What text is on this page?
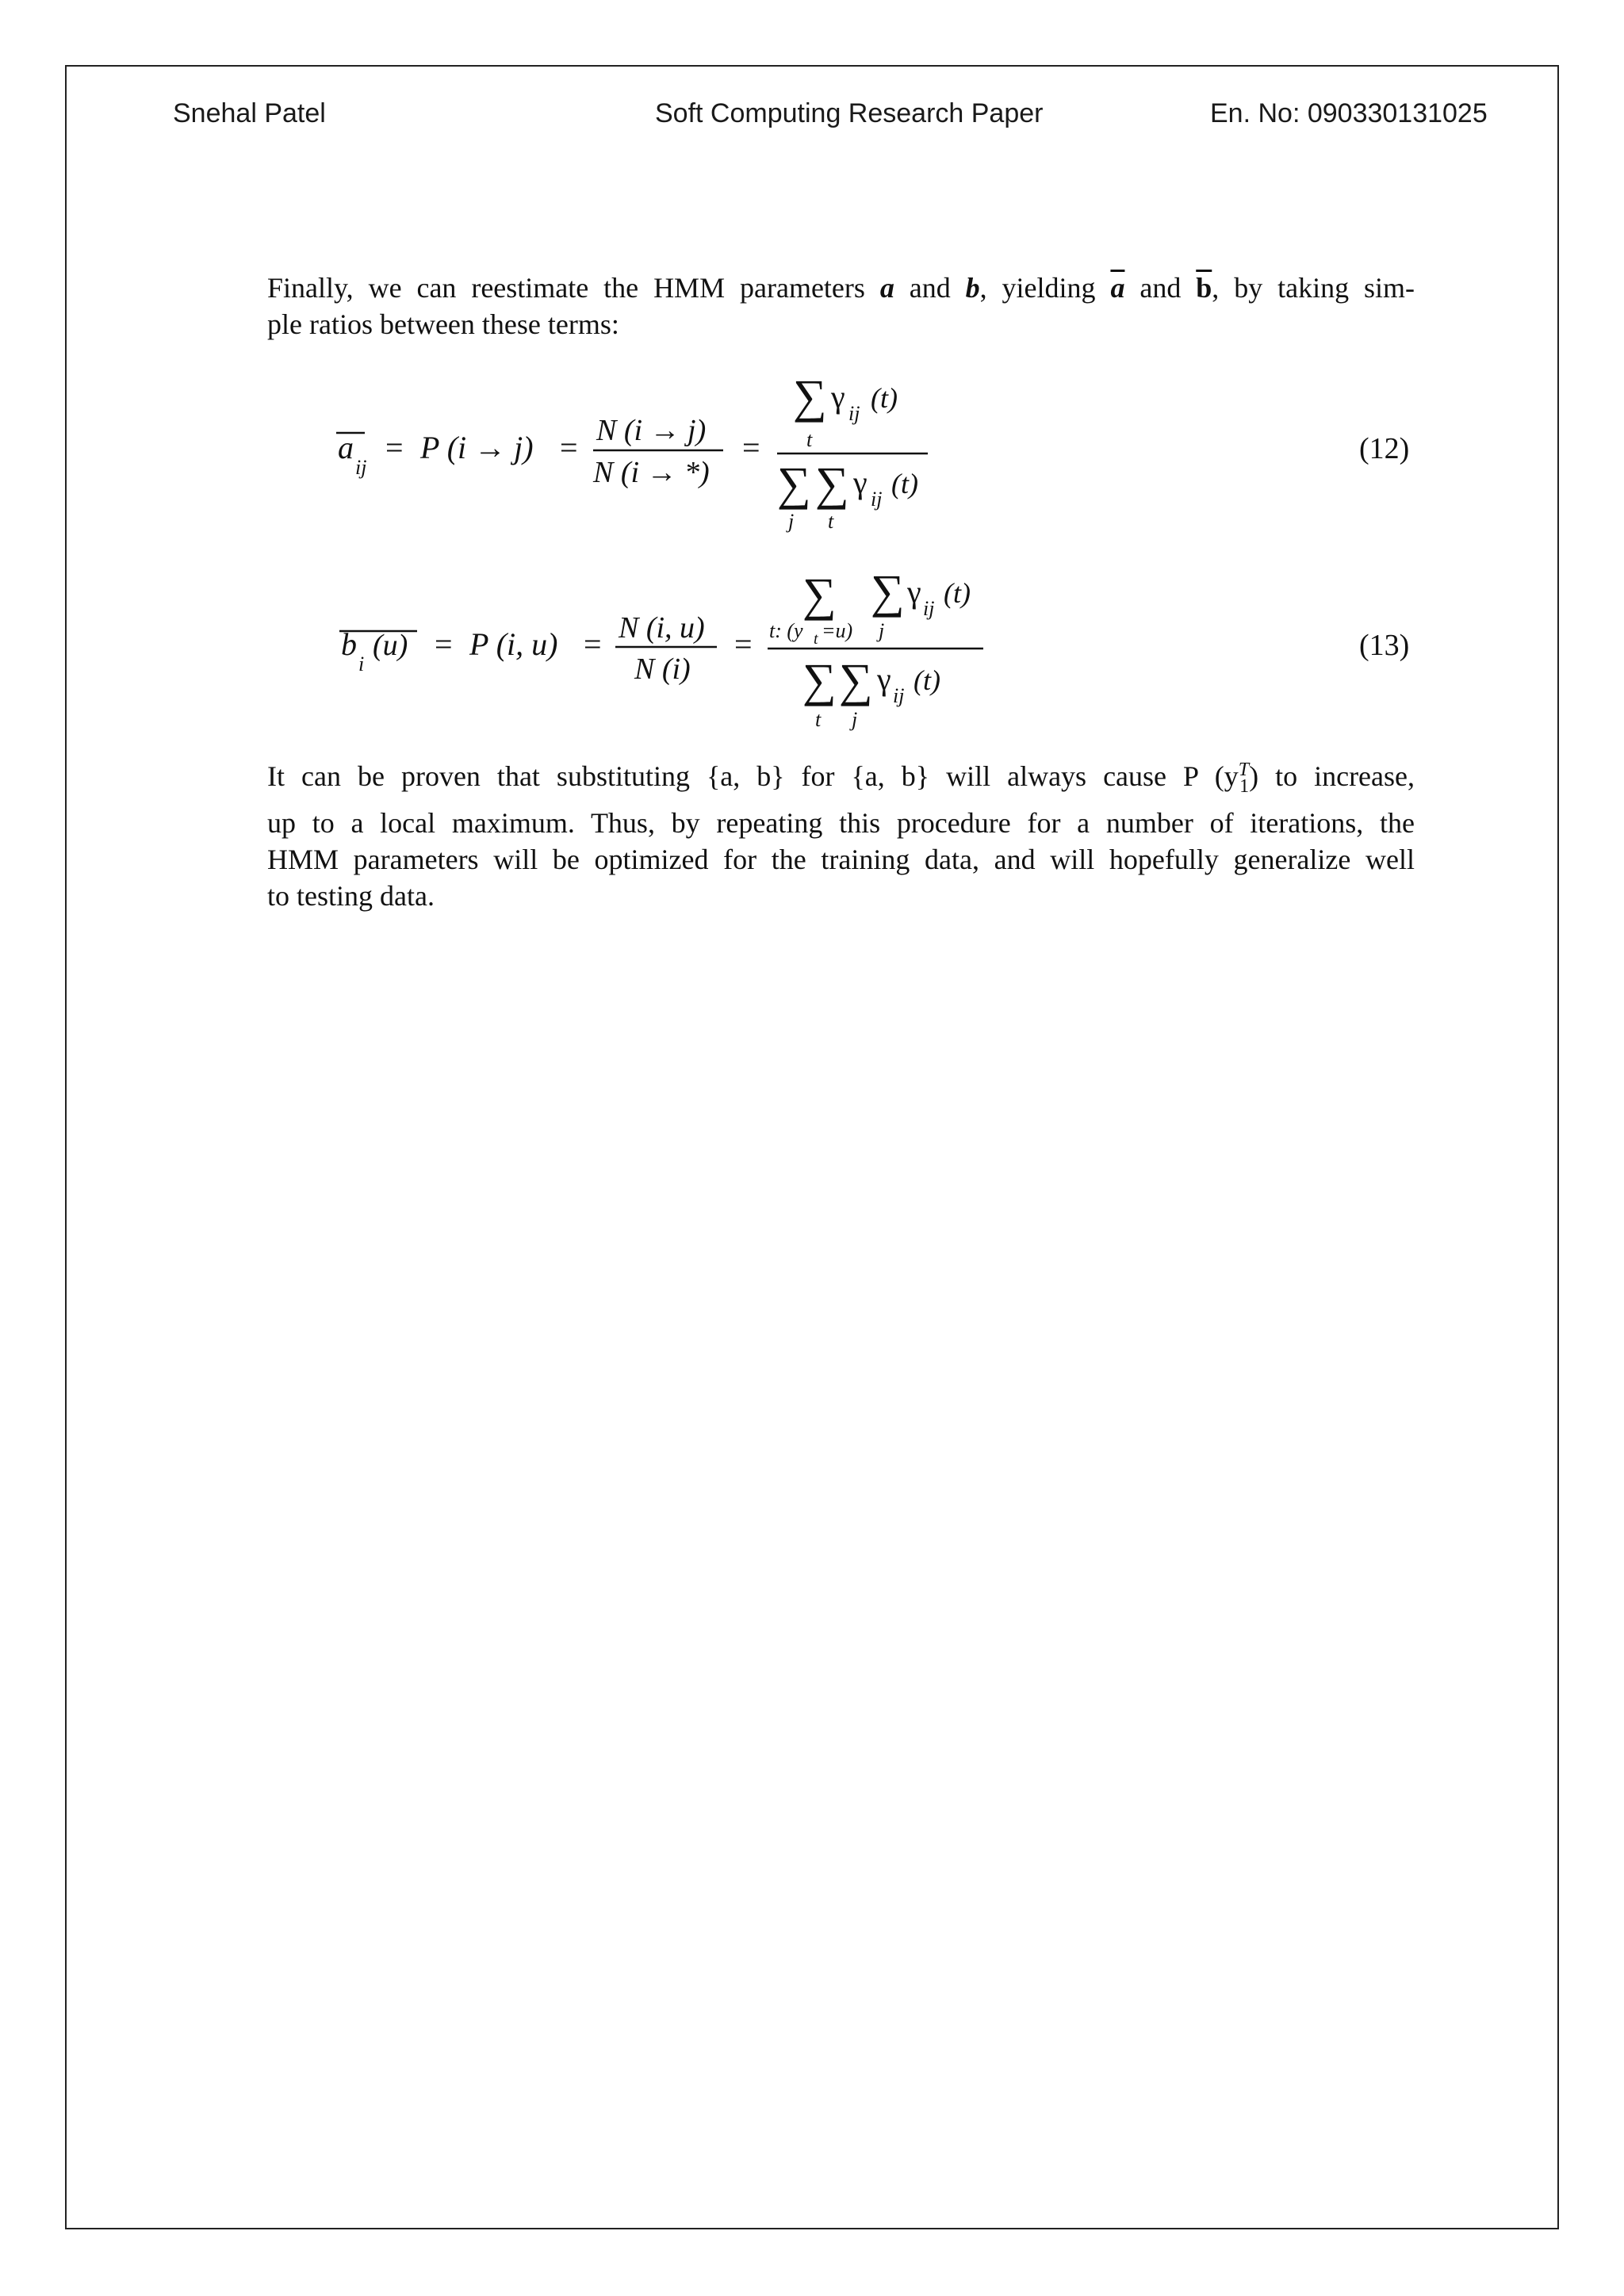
Snehal Patel	Soft Computing Research Paper	En. No: 090330131025
Finally, we can reestimate the HMM parameters a and b, yielding $\overline{a}$ and $\overline{b}$, by taking sim-
ple ratios between these terms:
a
ij
= P (i → j) = N (i → j)
N (i → *)
=
∑
t
γ ij (t)
∑
j
∑
t
γ ij (t)
(12)
b
i
(u) = P (i, u) = N (i, u)
N (i)
=
∑
t: (y t =u)
∑
j
γ ij (t)
∑
t
∑
j
γ ij (t)
(13)
It can be proven that substituting {a, b} for {a, b} will always cause P $(y^T_1)$ to increase,
up to a local maximum. Thus, by repeating this procedure for a number of iterations, the
HMM parameters will be optimized for the training data, and will hopefully generalize well
to testing data.
